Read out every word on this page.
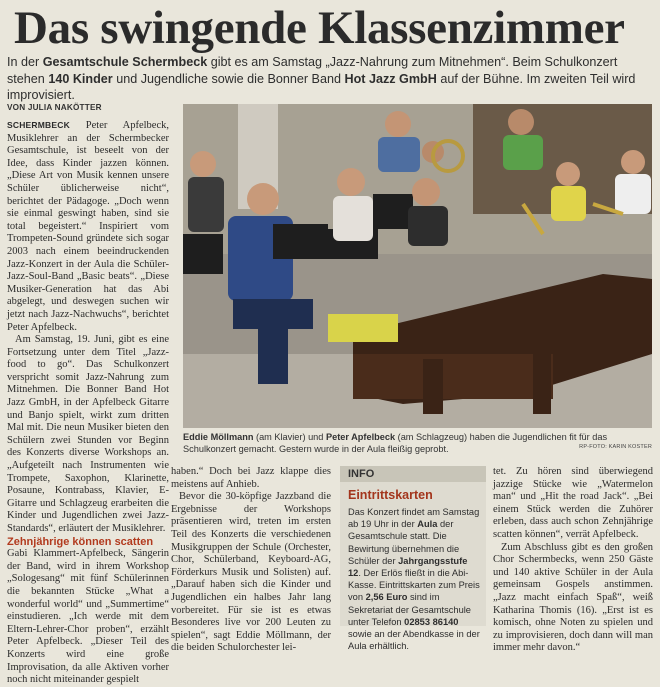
Das swingende Klassenzimmer
In der Gesamtschule Schermbeck gibt es am Samstag „Jazz-Nahrung zum Mitnehmen“. Beim Schulkonzert stehen 140 Kinder und Jugendliche sowie die Bonner Band Hot Jazz GmbH auf der Bühne. Im zweiten Teil wird improvisiert.
VON JULIA NAKÖTTER

SCHERMBECK Peter Apfelbeck, Musiklehrer an der Schermbecker Gesamtschule, ist beseelt von der Idee, dass Kinder jazzen können. „Diese Art von Musik kennen unsere Schüler üblicherweise nicht“, berichtet der Pädagoge. „Doch wenn sie einmal geswingt haben, sind sie total begeistert.“ Inspiriert vom Trompeten-Sound gründete sich sogar 2003 nach einem beeindruckenden Jazz-Konzert in der Aula die Schüler-Jazz-Soul-Band „Basic beats“. „Diese Musiker-Generation hat das Abi abgelegt, und deswegen suchen wir jetzt nach Jazz-Nachwuchs“, berichtet Peter Apfelbeck.

Am Samstag, 19. Juni, gibt es eine Fortsetzung unter dem Titel „Jazz-food to go“. Das Schulkonzert verspricht somit Jazz-Nahrung zum Mitnehmen. Die Bonner Band Hot Jazz GmbH, in der Apfelbeck Gitarre und Banjo spielt, wirkt zum dritten Mal mit. Die neun Musiker bieten den Schülern zwei Stunden vor Beginn des Konzerts diverse Workshops an. „Aufgeteilt nach Instrumenten wie Trompete, Saxophon, Klarinette, Posaune, Kontrabass, Klavier, E-Gitarre und Schlagzeug erarbeiten die Kinder und Jugendlichen zwei Jazz-Standards“, erläutert der Musiklehrer.

Zehnjährige können scatten

Gabi Klammert-Apfelbeck, Sängerin der Band, wird in ihrem Workshop „Sologesang“ mit fünf Schülerinnen die bekannten Stücke „What a wonderful world“ und „Summertime“ einstudieren. „Ich werde mit dem Eltern-Lehrer-Chor proben“, erzählt Peter Apfelbeck. „Dieser Teil des Konzerts wird eine große Improvisation, da alle Aktiven vorher noch nicht miteinander gespielt

Eddie Möllmann (am Klavier) und Peter Apfelbeck (am Schlagzeug) haben die Jugendlichen fit für das Schulkonzert gemacht. Gestern wurde in der Aula fleißig geprobt.	RP-FOTO: KARIN KOSTER

haben.“ Doch bei Jazz klappe dies meistens auf Anhieb.

Bevor die 30-köpfige Jazzband die Ergebnisse der Workshops präsentieren wird, treten im ersten Teil des Konzerts die verschiedenen Musikgruppen der Schule (Orchester, Chor, Schülerband, Keyboard-AG, Förderkurs Musik und Solisten) auf. „Darauf haben sich die Kinder und Jugendlichen ein halbes Jahr lang vorbereitet. Für sie ist es etwas Besonderes live vor 200 Leuten zu spielen“, sagt Eddie Möllmann, der die beiden Schulorchester lei-

INFO
Eintrittskarten
Das Konzert findet am Samstag ab 19 Uhr in der Aula der Gesamtschule statt. Die Bewirtung übernehmen die Schüler der Jahrgangsstufe 12. Der Erlös fließt in die Abi-Kasse. Eintrittskarten zum Preis von 2,56 Euro sind im Sekretariat der Gesamtschule unter Telefon 02853 86140 sowie an der Abendkasse in der Aula erhältlich.

tet. Zu hören sind überwiegend jazzige Stücke wie „Watermelon man“ und „Hit the road Jack“. „Bei einem Stück werden die Zuhörer erleben, dass auch schon Zehnjährige scatten können“, verrät Apfelbeck.

Zum Abschluss gibt es den großen Chor Schermbecks, wenn 250 Gäste und 140 aktive Schüler in der Aula gemeinsam Gospels anstimmen. „Jazz macht einfach Spaß“, weiß Katharina Thomis (16). „Erst ist es komisch, ohne Noten zu spielen und zu improvisieren, doch dann will man immer mehr davon.“
